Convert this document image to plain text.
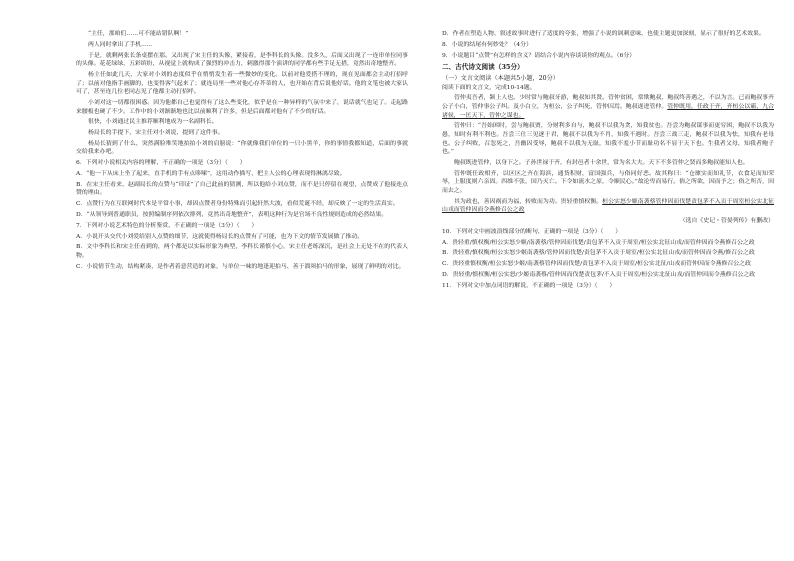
“主任，那咱们……可不能站错队啊！”

两人同时拿出了手机……

于是，就剩两张长条桌摆在那。又出现了宋主任的头像，紧接着，是李科长的头像。没多久，后面又出现了一连串单位同事的头像。花花绿绿，五彩缤纷，从视觉上就构成了强烈的冲击力，刺激得那个演讲的同学都有些手足无措，竟然出奇地整齐。

杨主任如此几天，大家对小刘的态度似乎在悄悄发生着一些微妙的变化。以前对他爱搭不理的，现在见面都会主动打招呼了；以前对他指手画脚的，也变得客气起来了；就连局里一些对他心存芥蒂的人，也开始在背后说他好话。他的文笔也被大家认可了，甚至连几位老同志见了他都主动打招呼。

小刘对这一切都很困惑。因为他都自己也觉得有了这么些变化，似乎是在一种异样的气氛中来了，说话就气也足了。走起路来腰板也硬了不少。工作中的小刘渐渐地也比以前顺利了许多，但是后面都对他有了不少的好话。

很快，小刘通过民主推荐顺利地成为一名副科长。

杨局长的手提下，宋主任对小刘说，提到了这件事。

杨局长猜到了什么，突然满脸堆笑地拍拍小刘的肩膀说：“你就像我们单位的一只小黑羊，你的事情我都知道，后面的事就交给我来办吧。

6．下列对小说相关内容的理解，不正确的一项是（3分）（　　）

A．“他一下从床上坐了起来，直手机的手有点哆嗦”，这用动作描写，把主人公的心理表现得淋漓尽致。

B．在宋主任看来，赵副局长的点赞与“印证”了自己此前的猜测，所以他给小刘点赞，而不是只停留在观望，点赞成了他接连点赞的理由。

C．点赞行为在互联网时代本是平常小事，却因点赞者身份特殊而引起轩然大波，看似荒诞不经，却反映了一定的生活真实。

D．“从领导到普通职员，按照编制序列依次排列，竟然出奇地整齐”，表明这种行为是官场不良性规则造成的必然结果。

7．下列对小说艺术特色的分析鉴赏，不正确的一项是（3分）（　　）

A．小说开头交代小刘爱给别人点赞的细节，这就使得杨局长的点赞有了可能，也为下文的情节发展做了推动。

B．文中李科长和宋主任看到的，两个都是以实际形象为典型，李科长谨慎小心，宋主任老练深沉，是社会上无处不在的代表人物。

C．小说情节生动，结构紧凑，是作者着意营造的对象，与单位一味的地逢迎拍马、善于溜须拍马的形象，展现了鲜明的对比。

D．作者在塑造人物、叙述故事时进行了适度的夸张，增强了小说的讽刺意味，也使主题更加深刻，显示了很好的艺术效果。

8．小说的结尾有何妙处？（4分）

9．小说题目“点赞”有怎样的含义？请结合小说内容谈谈你的观点。（6分）

二、古代诗文阅读（35分）
（一）文言文阅读（本题共5小题，20分）

阅读下面的文言文，完成10-14题。

管仲夷吾者，颍上人也。少时常与鲍叔牙游，鲍叔知其贤。管仲贫困，常欺鲍叔，鲍叔终善遇之，不以为言。已而鲍叔事齐公子小白，管仲事公子纠。及小白立，为桓公，公子纠死，管仲囚焉。鲍叔遂进管仲。管仲既用，任政于齐，齐桓公以霸，九合诸侯，一匡天下，管仲之谋也。

管仲曰：“吾始困时，尝与鲍叔贾，分财利多自与，鲍叔不以我为贪，知我贫也。吾尝为鲍叔谋事而更穷困，鲍叔不以我为愚，知时有利不利也。吾尝三仕三见逐于君，鲍叔不以我为不肖，知我不遇时。吾尝三战三走，鲍叔不以我为怯，知我有老母也。公子纠败，召忽死之，吾幽囚受辱，鲍叔不以我为无耻，知我不羞小节而耻功名不显于天下也。生我者父母，知我者鲍子也。”

鲍叔既进管仲，以身下之。子孙世禄于齐，有封邑者十余世，常为名大夫。天下不多管仲之贤而多鲍叔能知人也。

管仲既任政相齐，以区区之齐在海滨，通货积财，富国强兵，与俗同好恶。故其称曰：“仓廪实而知礼节，衣食足而知荣辱，上服度则六亲固。四维不张，国乃灭亡。下令如流水之原，令顺民心。”故论卑而易行。俗之所欲，因而予之；俗之所否，因而去之。

其为政也，善因祸而为福，转败而为功。贵轻重慎权衡。桓公实怒少姬南袭蔡管仲因而伐楚责包茅不入贡于周室桓公实北征山戎而管仲因而令燕修召公之政

（选自《史记・管晏列传》有删改）

10．下列对文中画波浪线部分的断句，正确的一项是（3分）（　　）

A．贵轻重/慎权衡/桓公实怒少姬/南袭蔡/管仲因而伐楚/责包茅不入贡于周室/桓公实北征山戎/而管仲因而令燕修召公之政

B．贵轻重/慎权衡/桓公实怒少姬南袭蔡/管仲因而伐楚/责包茅不入贡于周室/桓公实北征山戎/而管仲因而令燕/修召公之政

C．贵轻重慎权衡/桓公实怒少姬/南袭蔡管仲因而伐楚/责包茅不入贡于周室/桓公实北征/山戎而管仲因而令燕修召公之政

D．贵轻重/慎权衡/桓公实怒/少姬南袭蔡/管仲因而伐楚责包茅/不入贡于周室/桓公实北征山戎/而管仲因而令燕修召公之政

11．下列对文中加点词语的解说，不正确的一项是（3分）（　　）
